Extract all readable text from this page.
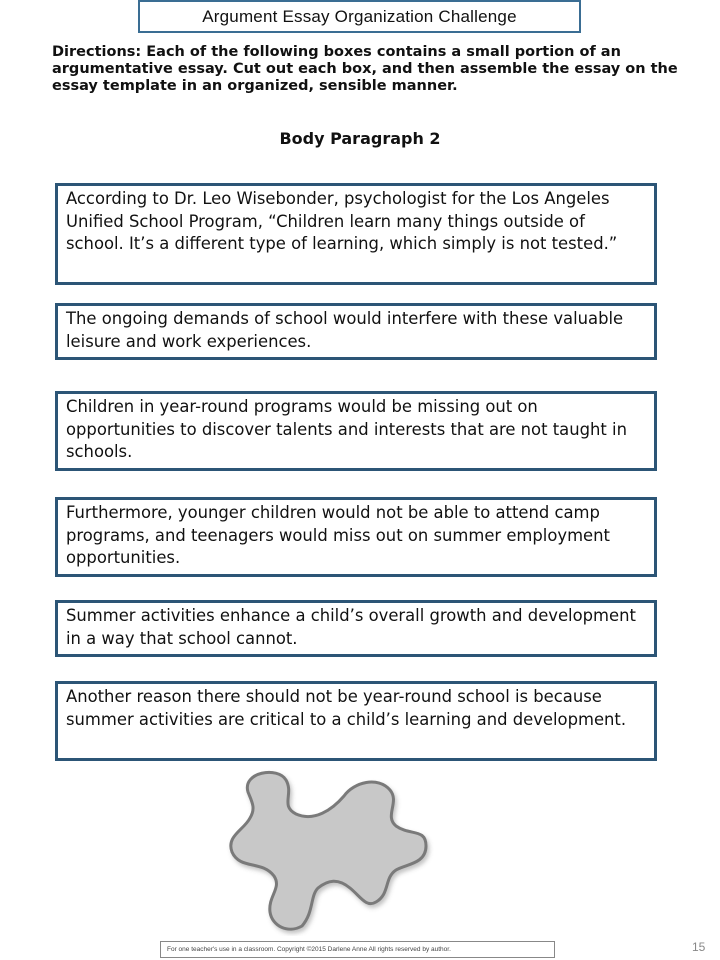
Argument Essay Organization Challenge
Directions: Each of the following boxes contains a small portion of an argumentative essay. Cut out each box, and then assemble the essay on the essay template in an organized, sensible manner.
Body Paragraph 2
According to Dr. Leo Wisebonder, psychologist for the Los Angeles Unified School Program, “Children learn many things outside of school. It’s a different type of learning, which simply is not tested.”
The ongoing demands of school would interfere with these valuable leisure and work experiences.
Children in year-round programs would be missing out on opportunities to discover talents and interests that are not taught in schools.
Furthermore, younger children would not be able to attend camp programs, and teenagers would miss out on summer employment opportunities.
Summer activities enhance a child’s overall growth and development in a way that school cannot.
Another reason there should not be year-round school is because summer activities are critical to a child’s learning and development.
For one teacher's use in a classroom. Copyright ©2015 Darlene Anne All rights reserved by author.	15
